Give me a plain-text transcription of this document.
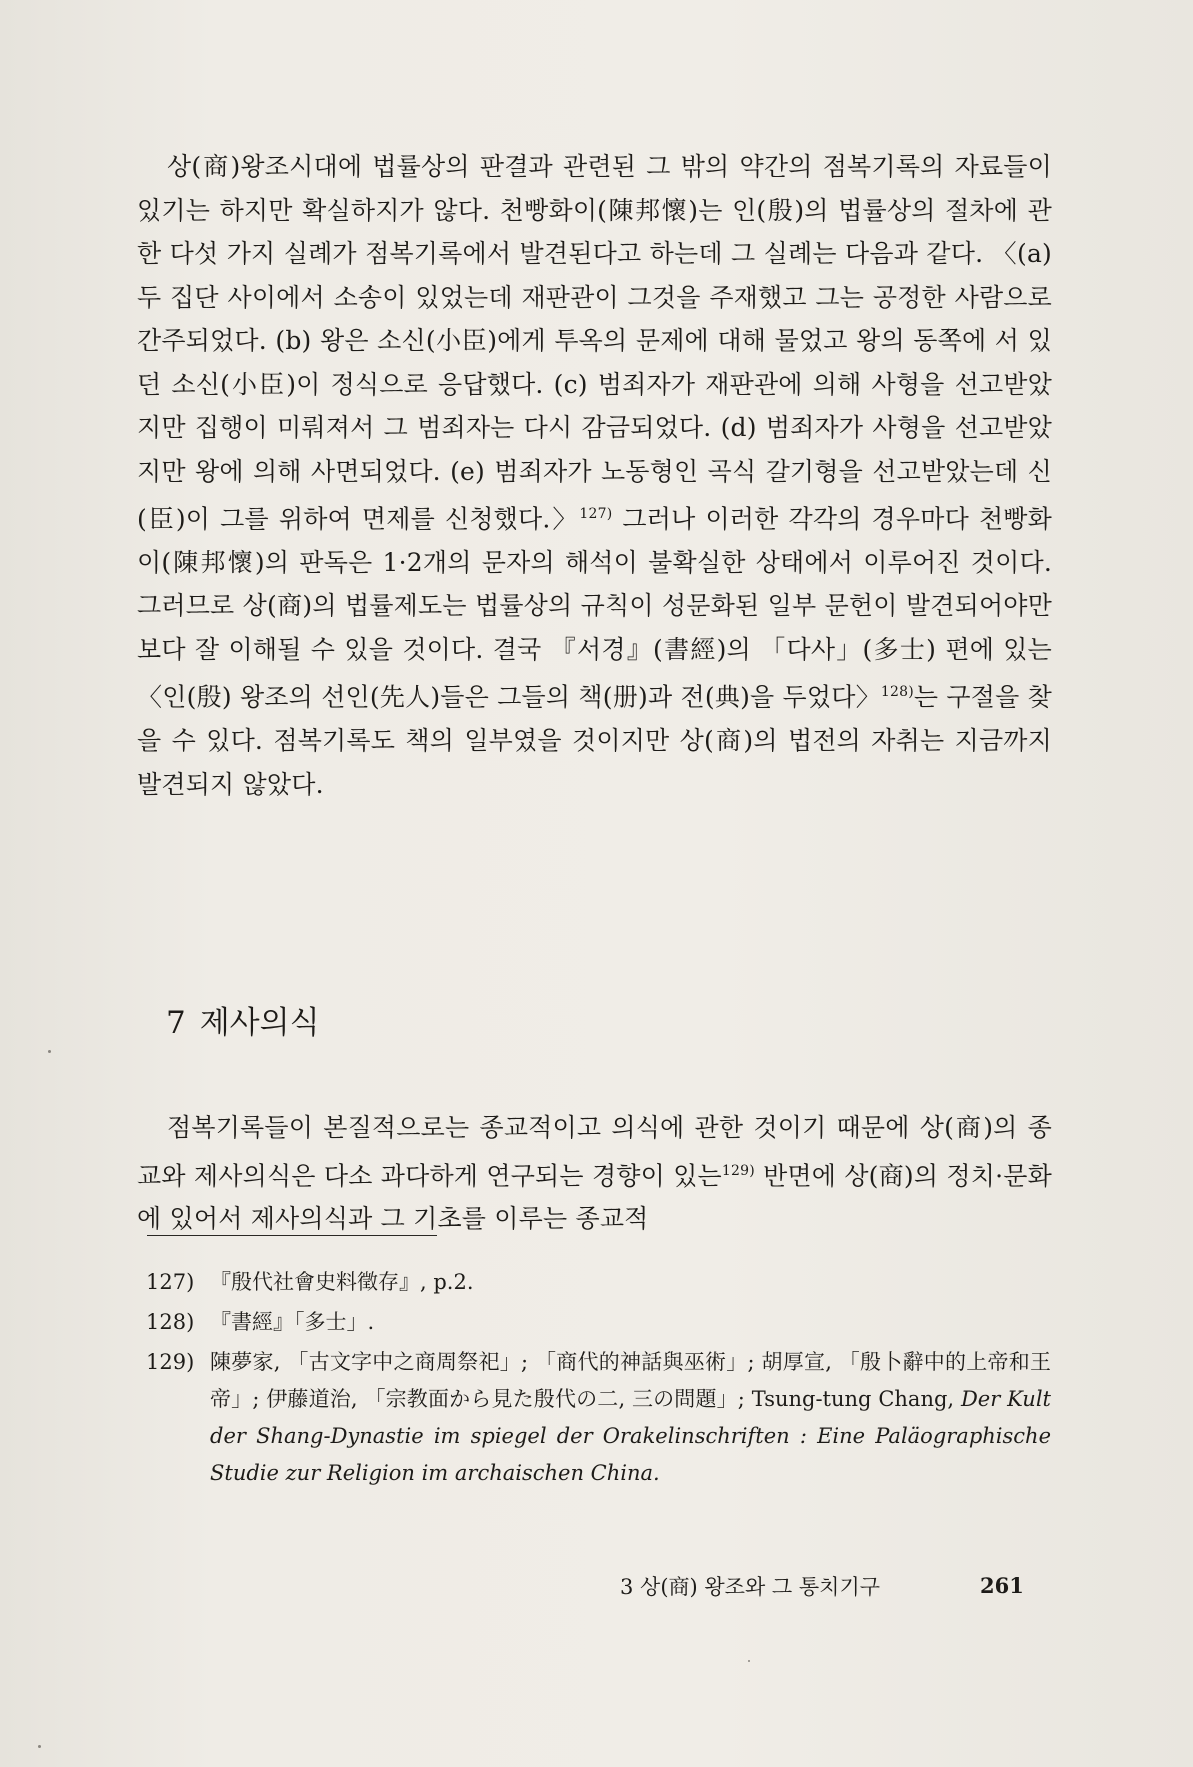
상(商)왕조시대에 법률상의 판결과 관련된 그 밖의 약간의 점복기록의 자료들이 있기는 하지만 확실하지가 않다. 천빵화이(陳邦懷)는 인(殷)의 법률상의 절차에 관한 다섯 가지 실례가 점복기록에서 발견된다고 하는데 그 실례는 다음과 같다. 〈(a) 두 집단 사이에서 소송이 있었는데 재판관이 그것을 주재했고 그는 공정한 사람으로 간주되었다. (b) 왕은 소신(小臣)에게 투옥의 문제에 대해 물었고 왕의 동쪽에 서 있던 소신(小臣)이 정식으로 응답했다. (c) 범죄자가 재판관에 의해 사형을 선고받았지만 집행이 미뤄져서 그 범죄자는 다시 감금되었다. (d) 범죄자가 사형을 선고받았지만 왕에 의해 사면되었다. (e) 범죄자가 노동형인 곡식 갈기형을 선고받았는데 신(臣)이 그를 위하여 면제를 신청했다.〉$^{127)}$ 그러나 이러한 각각의 경우마다 천빵화이(陳邦懷)의 판독은 1·2개의 문자의 해석이 불확실한 상태에서 이루어진 것이다. 그러므로 상(商)의 법률제도는 법률상의 규칙이 성문화된 일부 문헌이 발견되어야만 보다 잘 이해될 수 있을 것이다. 결국 『서경』(書經)의 「다사」(多士) 편에 있는 〈인(殷) 왕조의 선인(先人)들은 그들의 책(册)과 전(典)을 두었다〉$^{128)}$는 구절을 찾을 수 있다. 점복기록도 책의 일부였을 것이지만 상(商)의 법전의 자취는 지금까지 발견되지 않았다.

7 제사의식

점복기록들이 본질적으로는 종교적이고 의식에 관한 것이기 때문에 상(商)의 종교와 제사의식은 다소 과다하게 연구되는 경향이 있는$^{129)}$ 반면에 상(商)의 정치·문화에 있어서 제사의식과 그 기초를 이루는 종교적

127) 『殷代社會史料徵存』, p.2.
128) 『書經』「多士」.
129) 陳夢家, 「古文字中之商周祭祀」; 「商代的神話與巫術」; 胡厚宣, 「殷卜辭中的上帝和王帝」; 伊藤道治, 「宗教面から見た殷代の二, 三の問題」; Tsung-tung Chang, Der Kult der Shang-Dynastie im spiegel der Orakelinschriften : Eine Paläographische Studie zur Religion im archaischen China.
3 상(商) 왕조와 그 통치기구	261
